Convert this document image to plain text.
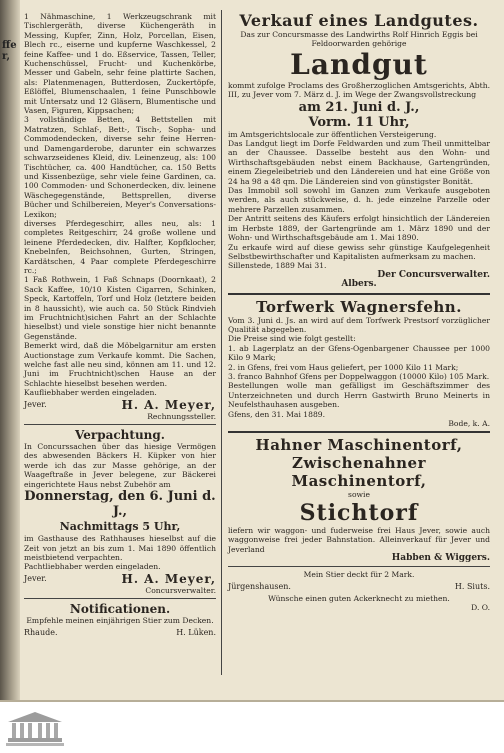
ffer,

1 Nähmaschine, 1 Werkzeugschrank mit Tischlergeräth, diverse Küchengeräth in Messing, Kupfer, Zinn, Holz, Porcellan, Eisen, Blech rc., eiserne und kupferne Waschkessel, 2 feine Kaffee- und 1 do. Eßservice, Tassen, Teller, Kuchenschüssel, Frucht- und Kuchenkörbe, Messer und Gabeln, sehr feine plattirte Sachen, als: Platenmenagen, Butterdosen, Zuckertöpfe, Eßlöffel, Blumenschaalen, 1 feine Punschbowle mit Untersatz und 12 Gläsern, Blumentische und Vasen, Figuren, Kippsachen;

3 vollständige Betten, 4 Bettstellen mit Matratzen, Schlaf-, Bett-, Tisch-, Sopha- und Commodendecken, diverse sehr feine Herren- und Damengarderobe, darunter ein schwarzes schwarzseidenes Kleid, div. Leinenzeug, als: 100 Tischtücher, ca. 400 Handtücher, ca. 150 Betts und Kissenbezüge, sehr viele feine Gardinen, ca. 100 Commoden- und Schonerdecken, div. leinene Wäschegegenstände, Bettsprellen, diverse Bücher und Schilbereien, Meyer's Conversations-Lexikon;

diverses Pferdegeschirr, alles neu, als: 1 completes Reitgeschirr, 24 große wollene und leinene Pferdedecken, div. Halfter, Kopfklocher, Knebelnfen, Beichsohnen, Gurten, Stringen, Kardätschen, 4 Paar complete Pferdegeschirre rc.;

1 Faß Rothwein, 1 Faß Schnaps (Doornkaat), 2 Sack Kaffee, 10/10 Kisten Cigarren, Schinken, Speck, Kartoffeln, Torf und Holz (letztere beiden in 8 haussicht), wie auch ca. 50 Stück Rindvieh im Fruchtnicht)sichen Fahrt an der Schlachte hieselbst) und viele sonstige hier nicht benannte Gegenstände.

Bemerkt wird, daß die Möbelgarnitur am ersten Auctionstage zum Verkaufe kommt. Die Sachen, welche fast alle neu sind, können am 11. und 12. Juni im Fruchtnicht)schen Hause an der Schlachte hieselbst besehen werden.

Kaufliebhaber werden eingeladen.

Jever.	H. A. Meyer,

Rechnungssteller.

Verpachtung.

In Concurssachen über das hiesige Vermögen des abwesenden Bäckers H. Küpker von hier werde ich das zur Masse gehörige, an der Waageftraße in Jever belegene, zur Bäckerei eingerichtete Haus nebst Zubehör am

Donnerstag, den 6. Juni d. J.,
Nachmittags 5 Uhr,

im Gasthause des Rathhauses hieselbst auf die Zeit von jetzt an bis zum 1. Mai 1890 öffentlich meistbietend verpachten.

Pachtliebhaber werden eingeladen.

Jever.	H. A. Meyer,

Concursverwalter.

Notificationen.

Empfehle meinen einjährigen Stier zum Decken.

Rhaude.	H. Lüken.
Verkauf eines Landgutes.

Das zur Concursmasse des Landwirths Rolf Hinrich Eggis bei Feldoorwarden gehörige

Landgut

kommt zufolge Proclams des Großherzoglichen Amtsgerichts, Abth. III, zu Jever vom 7. März d. J. im Wege der Zwangsvollstreckung

am 21. Juni d. J.,
Vorm. 11 Uhr,

im Amtsgerichtslocale zur öffentlichen Versteigerung.

Das Landgut liegt im Dorfe Feldwarden und zum Theil unmittelbar an der Chaussee. Dasselbe besteht aus den Wohn- und Wirthschaftsgebäuden nebst einem Backhause, Gartengründen, einem Ziegeleibetrieb und den Ländereien und hat eine Größe von 24 ha 98 a 48 qm. Die Ländereien sind von günstigster Bonität.

Das Immobil soll sowohl im Ganzen zum Verkaufe ausgeboten werden, als auch stückweise, d. h. jede einzelne Parzelle oder mehrere Parzellen zusammen.

Der Antritt seitens des Käufers erfolgt hinsichtlich der Ländereien im Herbste 1889, der Gartengründe am 1. März 1890 und der Wohn- und Wirthschaftsgebäude am 1. Mai 1890.

Zu erkaufe wird auf diese gewiss sehr günstige Kaufgelegenheit Selbstbewirthschafter und Kapitalisten aufmerksam zu machen.

Sillenstede, 1889 Mai 31.

Der Concursverwalter.

Albers.

Torfwerk Wagnersfehn.

Vom 3. Juni d. Js. an wird auf dem Torfwerk Prestsorf vorzüglicher Qualität abgegeben.

Die Preise sind wie folgt gestellt:

1. ab Lagerplatz an der Gfens-Ogenbargener Chaussee per 1000 Kilo 9 Mark;

2. in Gfens, frei vom Haus geliefert, per 1000 Kilo 11 Mark;

3. franco Bahnhof Gfens per Doppelwaggon (10000 Kilo) 105 Mark.

Bestellungen wolle man gefälligst im Geschäftszimmer des Unterzeichneten und durch Herrn Gastwirth Bruno Meinerts in Neufelsthauhasen ausgeben.

Gfens, den 31. Mai 1889.

Bode, k. A.

Hahner Maschinentorf,
Zwischenahner Maschinentorf,

sowie

Stichtorf

liefern wir waggon- und fuderweise frei Haus Jever, sowie auch waggonweise frei jeder Bahnstation. Alleinverkauf für Jever und Jeverland

Habben & Wiggers.

Mein Stier deckt für 2 Mark.

Jürgenshausen.	H. Siuts.

Wünsche einen guten Ackerknecht zu miethen.

D. O.
